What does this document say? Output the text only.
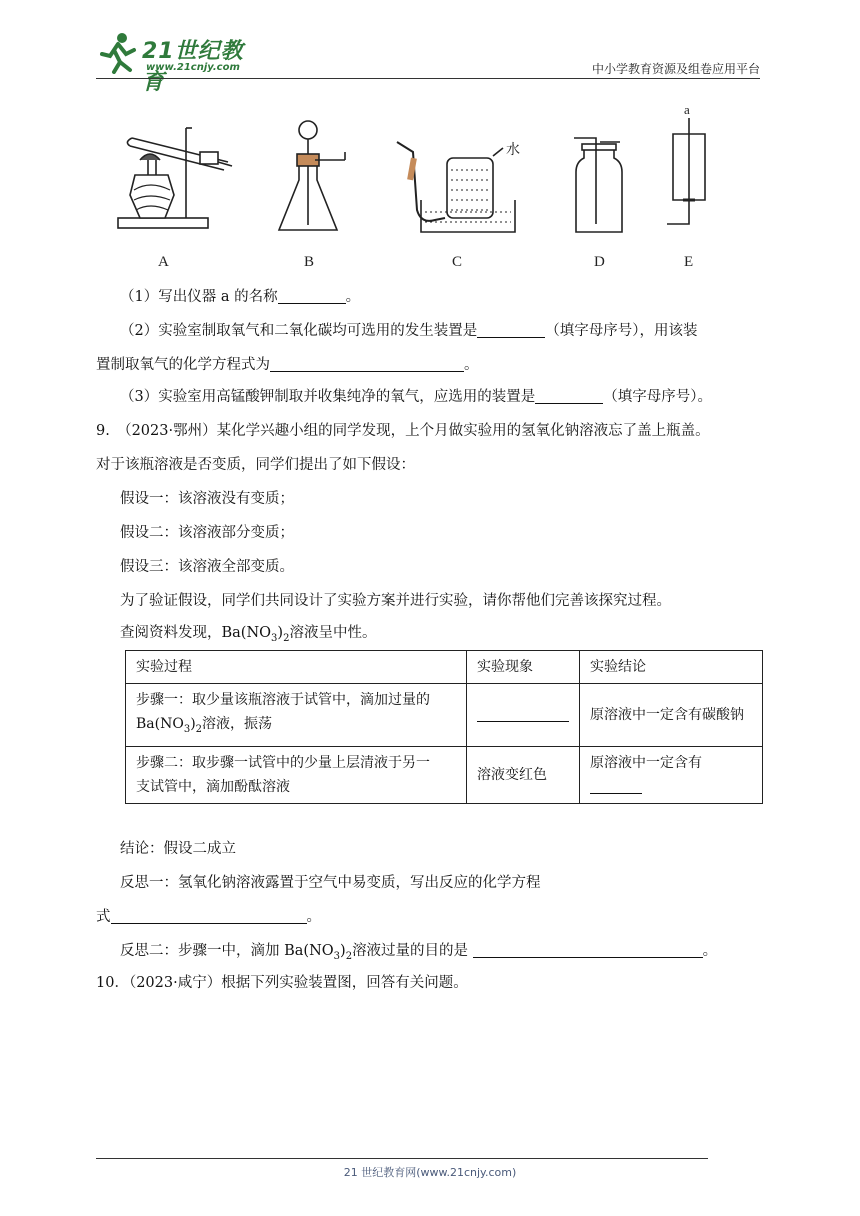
21世纪教育
www.21cnjy.com	中小学教育资源及组卷应用平台
A	B	C	D	E
水
a
（1）写出仪器 a 的名称	。
（2）实验室制取氧气和二氧化碳均可选用的发生装置是	（填字母序号），用该装
置制取氧气的化学方程式为	。
（3）实验室用高锰酸钾制取并收集纯净的氧气，应选用的装置是	（填字母序号）。
9.　（2023·鄂州）某化学兴趣小组的同学发现，上个月做实验用的氢氧化钠溶液忘了盖上瓶盖。
对于该瓶溶液是否变质，同学们提出了如下假设：
假设一：该溶液没有变质；
假设二：该溶液部分变质；
假设三：该溶液全部变质。
为了验证假设，同学们共同设计了实验方案并进行实验，请你帮他们完善该探究过程。
查阅资料发现，$Ba(NO_3)_2$溶液呈中性。
实验过程	实验现象	实验结论
步骤一：取少量该瓶溶液于试管中，滴加过量的
$Ba(NO_3)_2$溶液，振荡		原溶液中一定含有碳酸钠
步骤二：取步骤一试管中的少量上层清液于另一
支试管中，滴加酚酞溶液	溶液变红色	原溶液中一定含有
结论：假设二成立
反思一：氢氧化钠溶液露置于空气中易变质，写出反应的化学方程
式	。
反思二：步骤一中，滴加 $Ba(NO_3)_2$溶液过量的目的是	。
10．（2023·咸宁）根据下列实验装置图，回答有关问题。
21 世纪教育网(www.21cnjy.com)
